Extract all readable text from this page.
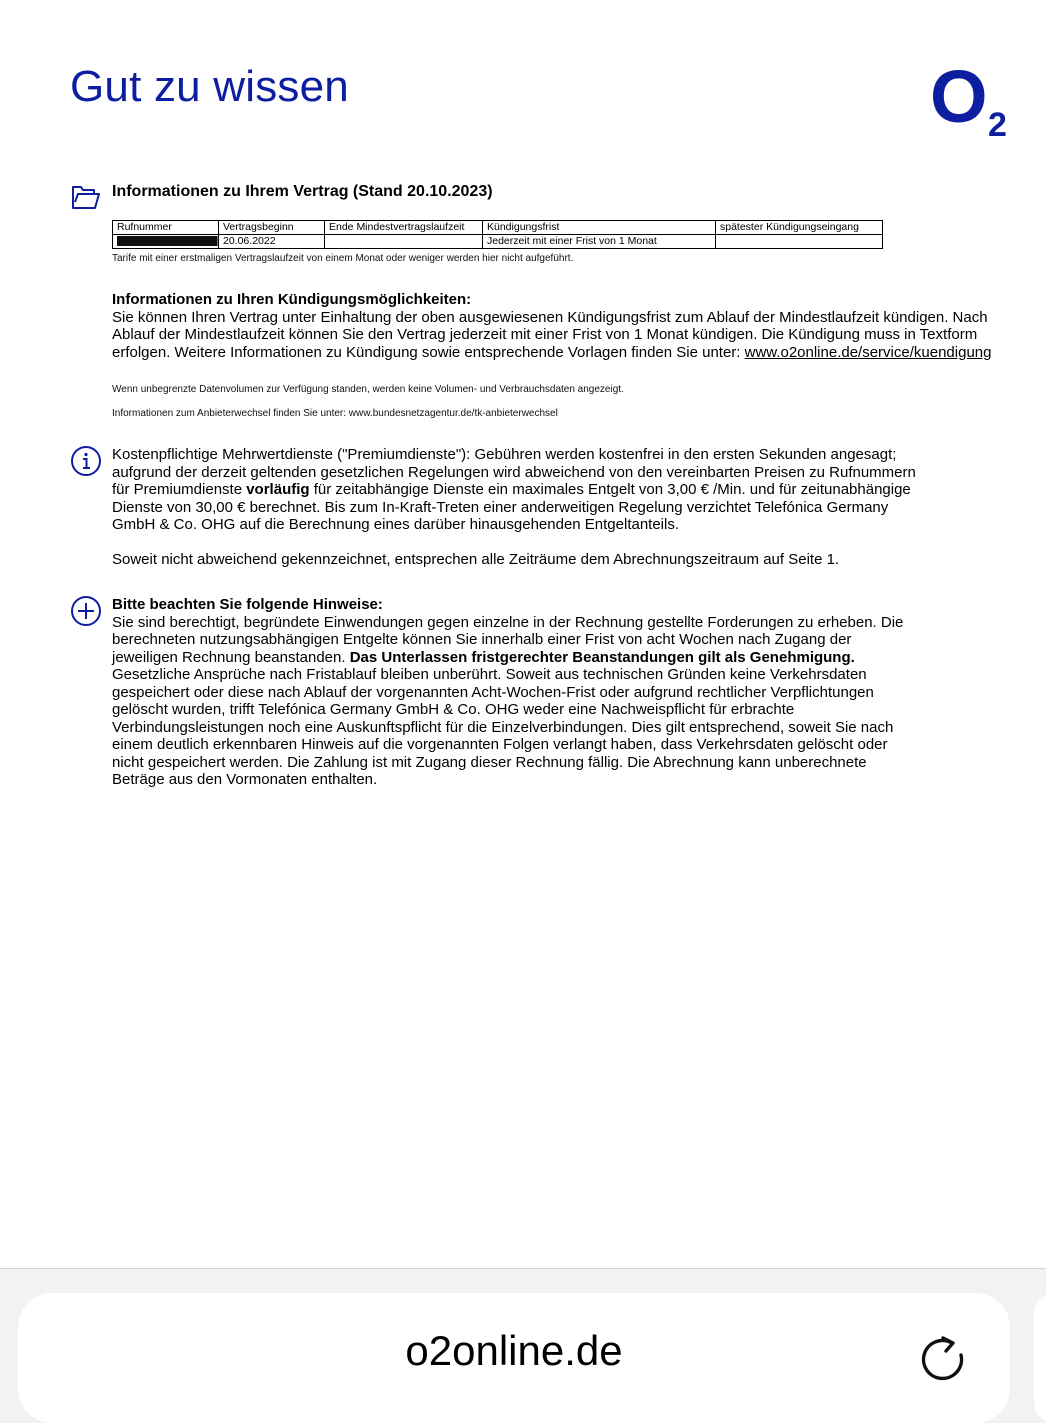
Gut zu wissen	O 2
Informationen zu Ihrem Vertrag (Stand 20.10.2023)
Rufnummer	Vertragsbeginn	Ende Mindestvertragslaufzeit	Kündigungsfrist	spätester Kündigungseingang
	20.06.2022		Jederzeit mit einer Frist von 1 Monat	
Tarife mit einer erstmaligen Vertragslaufzeit von einem Monat oder weniger werden hier nicht aufgeführt.

Informationen zu Ihren Kündigungsmöglichkeiten:

Sie können Ihren Vertrag unter Einhaltung der oben ausgewiesenen Kündigungsfrist zum Ablauf der Mindestlaufzeit kündigen. Nach

Ablauf der Mindestlaufzeit können Sie den Vertrag jederzeit mit einer Frist von 1 Monat kündigen. Die Kündigung muss in Textform

erfolgen. Weitere Informationen zu Kündigung sowie entsprechende Vorlagen finden Sie unter: www.o2online.de/service/kuendigung

Wenn unbegrenzte Datenvolumen zur Verfügung standen, werden keine Volumen- und Verbrauchsdaten angezeigt.
Informationen zum Anbieterwechsel finden Sie unter: www.bundesnetzagentur.de/tk-anbieterwechsel

Kostenpflichtige Mehrwertdienste ("Premiumdienste"): Gebühren werden kostenfrei in den ersten Sekunden angesagt;

aufgrund der derzeit geltenden gesetzlichen Regelungen wird abweichend von den vereinbarten Preisen zu Rufnummern

für Premiumdienste vorläufig für zeitabhängige Dienste ein maximales Entgelt von 3,00 € /Min. und für zeitunabhängige

Dienste von 30,00 € berechnet. Bis zum In-Kraft-Treten einer anderweitigen Regelung verzichtet Telefónica Germany

GmbH & Co. OHG auf die Berechnung eines darüber hinausgehenden Entgeltanteils.

Soweit nicht abweichend gekennzeichnet, entsprechen alle Zeiträume dem Abrechnungszeitraum auf Seite 1.

Bitte beachten Sie folgende Hinweise:

Sie sind berechtigt, begründete Einwendungen gegen einzelne in der Rechnung gestellte Forderungen zu erheben. Die

berechneten nutzungsabhängigen Entgelte können Sie innerhalb einer Frist von acht Wochen nach Zugang der

jeweiligen Rechnung beanstanden. Das Unterlassen fristgerechter Beanstandungen gilt als Genehmigung.

Gesetzliche Ansprüche nach Fristablauf bleiben unberührt. Soweit aus technischen Gründen keine Verkehrsdaten

gespeichert oder diese nach Ablauf der vorgenannten Acht-Wochen-Frist oder aufgrund rechtlicher Verpflichtungen

gelöscht wurden, trifft Telefónica Germany GmbH & Co. OHG weder eine Nachweispflicht für erbrachte

Verbindungsleistungen noch eine Auskunftspflicht für die Einzelverbindungen. Dies gilt entsprechend, soweit Sie nach

einem deutlich erkennbaren Hinweis auf die vorgenannten Folgen verlangt haben, dass Verkehrsdaten gelöscht oder

nicht gespeichert werden. Die Zahlung ist mit Zugang dieser Rechnung fällig. Die Abrechnung kann unberechnete

Beträge aus den Vormonaten enthalten.

o2online.de
